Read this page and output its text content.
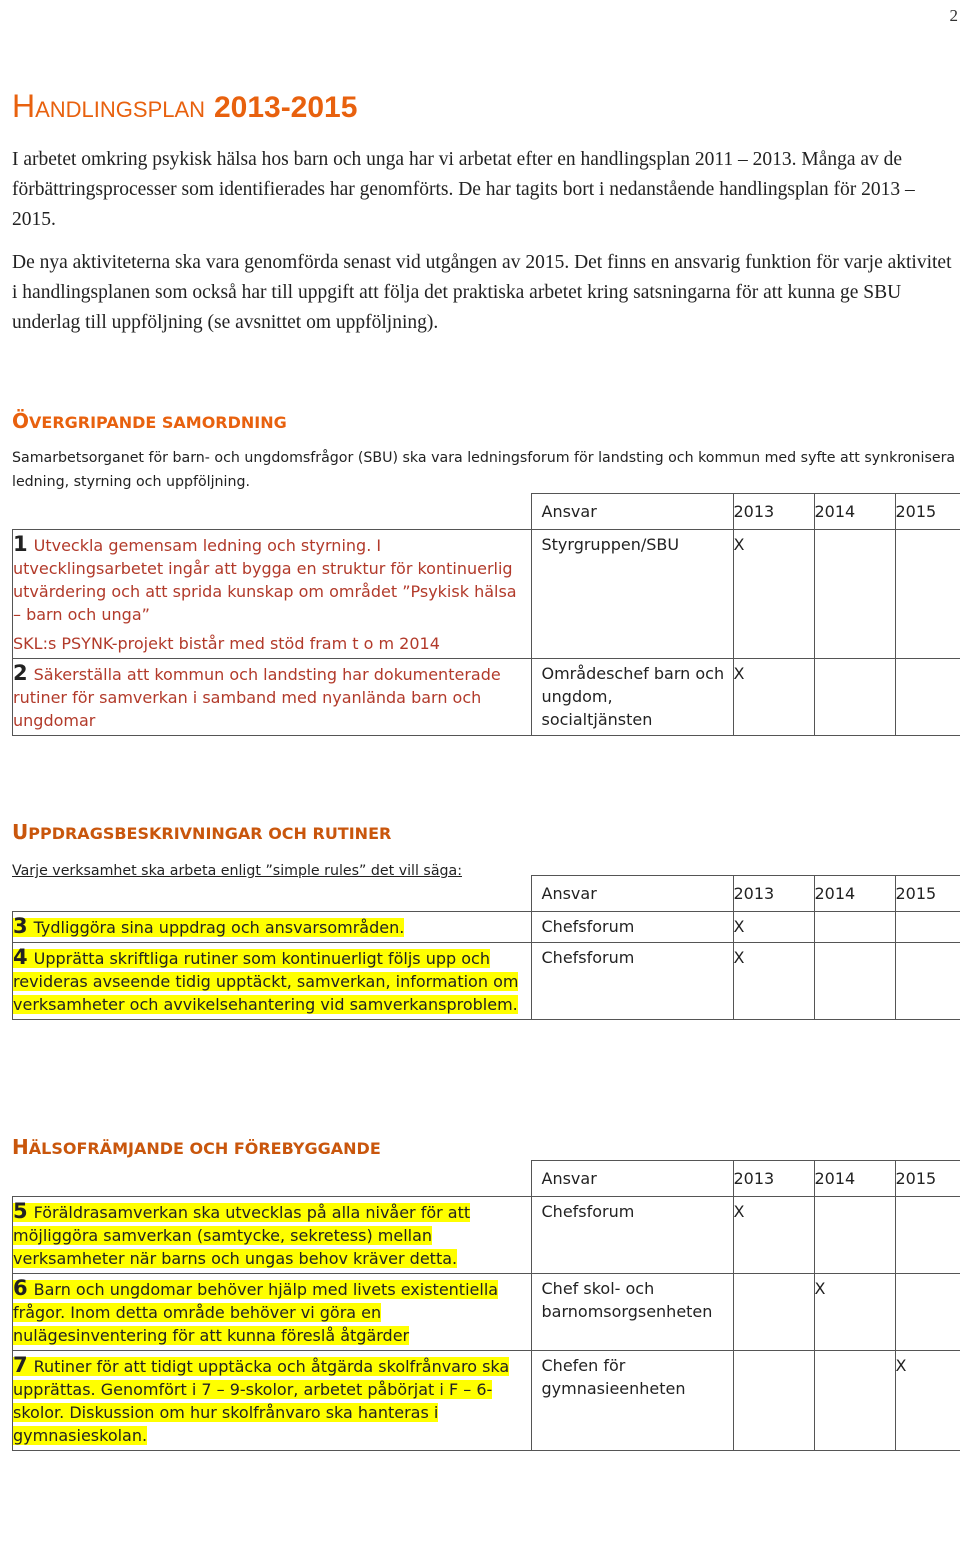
2
HANDLINGSPLAN 2013-2015
I arbetet omkring psykisk hälsa hos barn och unga har vi arbetat efter en handlingsplan 2011 – 2013. Många av de förbättringsprocesser som identifierades har genomförts. De har tagits bort i nedanstående handlingsplan för 2013 – 2015.
De nya aktiviteterna ska vara genomförda senast vid utgången av 2015. Det finns en ansvarig funktion för varje aktivitet i handlingsplanen som också har till uppgift att följa det praktiska arbetet kring satsningarna för att kunna ge SBU underlag till uppföljning (se avsnittet om uppföljning).
ÖVERGRIPANDE SAMORDNING
Samarbetsorganet för barn- och ungdomsfrågor (SBU) ska vara ledningsforum för landsting och kommun med syfte att synkronisera ledning, styrning och uppföljning.
	Ansvar	2013	2014	2015
1 Utveckla gemensam ledning och styrning. I utvecklingsarbetet ingår att bygga en struktur för kontinuerlig utvärdering och att sprida kunskap om området ”Psykisk hälsa – barn och unga”
SKL:s PSYNK-projekt bistår med stöd fram t o m 2014	Styrgruppen/SBU	X		
2 Säkerställa att kommun och landsting har dokumenterade rutiner för samverkan i samband med nyanlända barn och ungdomar	Områdeschef barn och ungdom, socialtjänsten	X		
UPPDRAGSBESKRIVNINGAR OCH RUTINER
Varje verksamhet ska arbeta enligt ”simple rules” det vill säga:
	Ansvar	2013	2014	2015
3 Tydliggöra sina uppdrag och ansvarsområden.	Chefsforum	X		
4 Upprätta skriftliga rutiner som kontinuerligt följs upp och revideras avseende tidig upptäckt, samverkan, information om verksamheter och avvikelsehantering vid samverkansproblem.	Chefsforum	X		
HÄLSOFRÄMJANDE OCH FÖREBYGGANDE
	Ansvar	2013	2014	2015
5 Föräldrasamverkan ska utvecklas på alla nivåer för att möjliggöra samverkan (samtycke, sekretess) mellan verksamheter när barns och ungas behov kräver detta.	Chefsforum	X		
6 Barn och ungdomar behöver hjälp med livets existentiella frågor. Inom detta område behöver vi göra en nulägesinventering för att kunna föreslå åtgärder	Chef skol- och barnomsorgsenheten		X	
7 Rutiner för att tidigt upptäcka och åtgärda skolfrånvaro ska upprättas. Genomfört i 7 – 9-skolor, arbetet påbörjat i F – 6-skolor. Diskussion om hur skolfrånvaro ska hanteras i gymnasieskolan.	Chefen för gymnasieenheten			X
